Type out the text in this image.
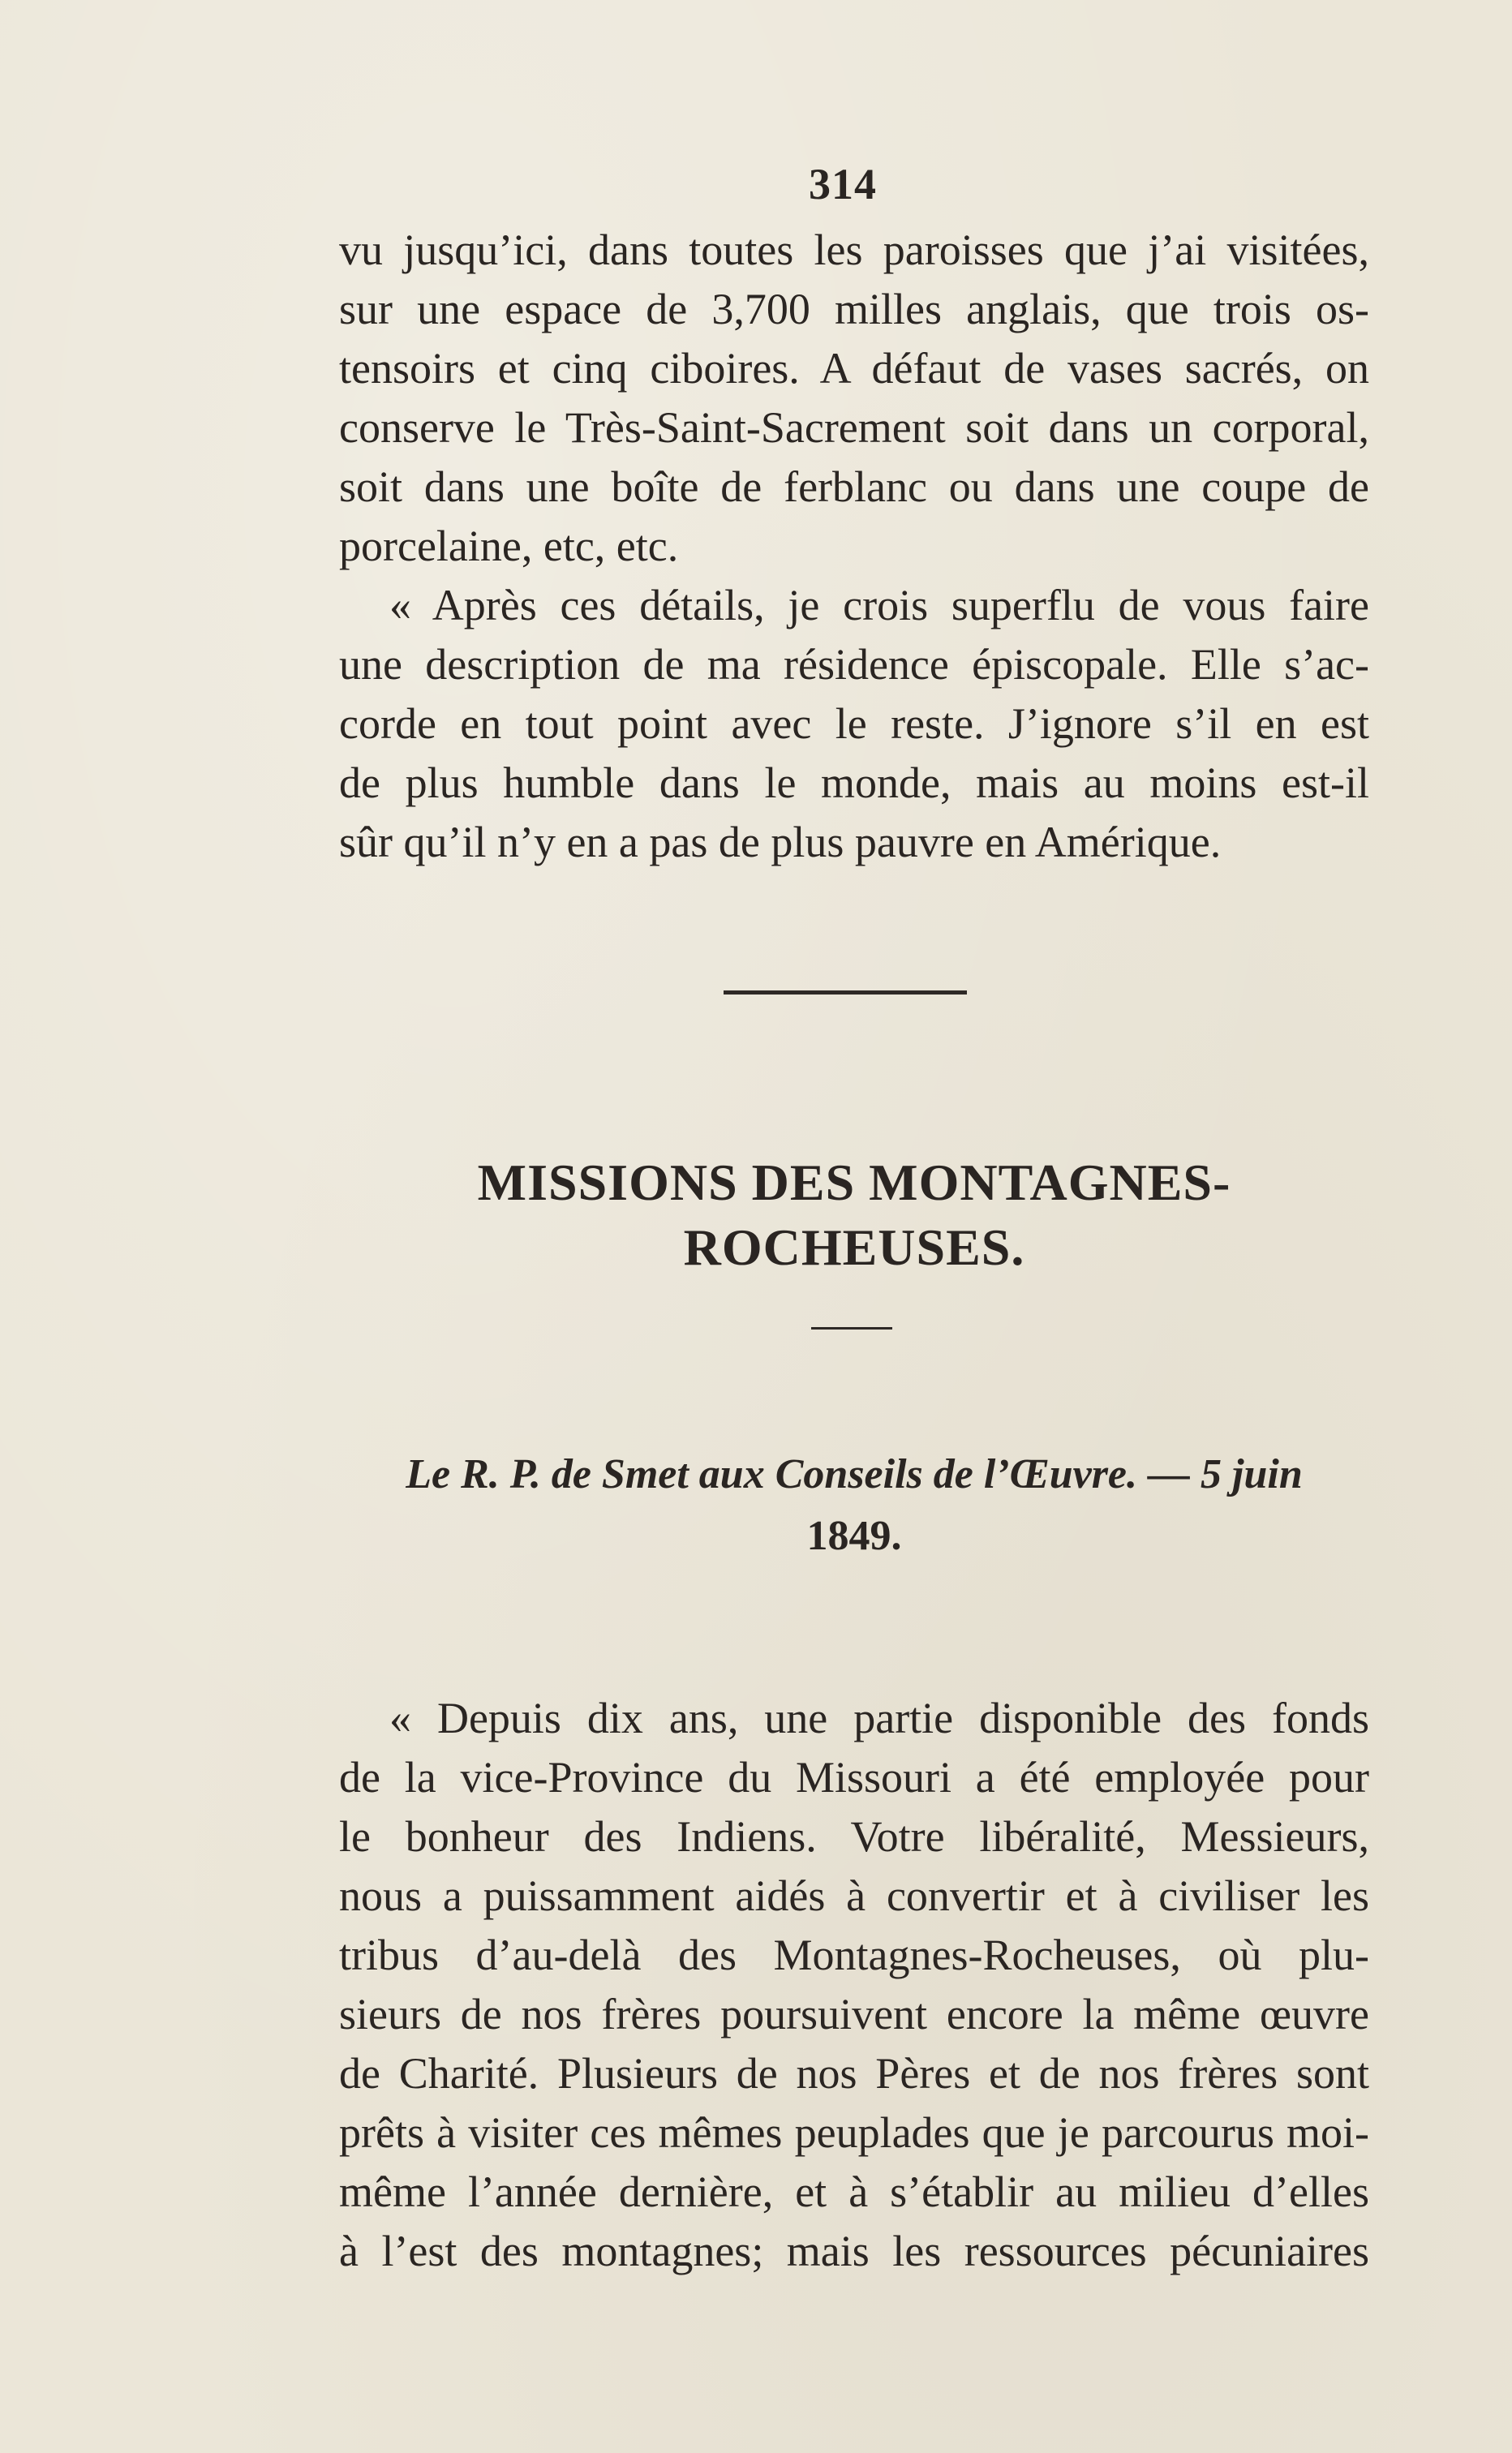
314
vu jusqu’ici, dans toutes les paroisses que j’ai visitées,
sur une espace de 3,700 milles anglais, que trois os-
tensoirs et cinq ciboires. A défaut de vases sacrés, on
conserve le Très-Saint-Sacrement soit dans un corporal,
soit dans une boîte de ferblanc ou dans une coupe de
porcelaine, etc, etc.
« Après ces détails, je crois superflu de vous faire
une description de ma résidence épiscopale. Elle s’ac-
corde en tout point avec le reste. J’ignore s’il en est
de plus humble dans le monde, mais au moins est-il
sûr qu’il n’y en a pas de plus pauvre en Amérique.
MISSIONS DES MONTAGNES-ROCHEUSES.
Le R. P. de Smet aux Conseils de l’Œuvre. — 5 juin
1849.
« Depuis dix ans, une partie disponible des fonds
de la vice-Province du Missouri a été employée pour
le bonheur des Indiens. Votre libéralité, Messieurs,
nous a puissamment aidés à convertir et à civiliser les
tribus d’au-delà des Montagnes-Rocheuses, où plu-
sieurs de nos frères poursuivent encore la même œuvre
de Charité. Plusieurs de nos Pères et de nos frères sont
prêts à visiter ces mêmes peuplades que je parcourus moi-
même l’année dernière, et à s’établir au milieu d’elles
à l’est des montagnes; mais les ressources pécuniaires
